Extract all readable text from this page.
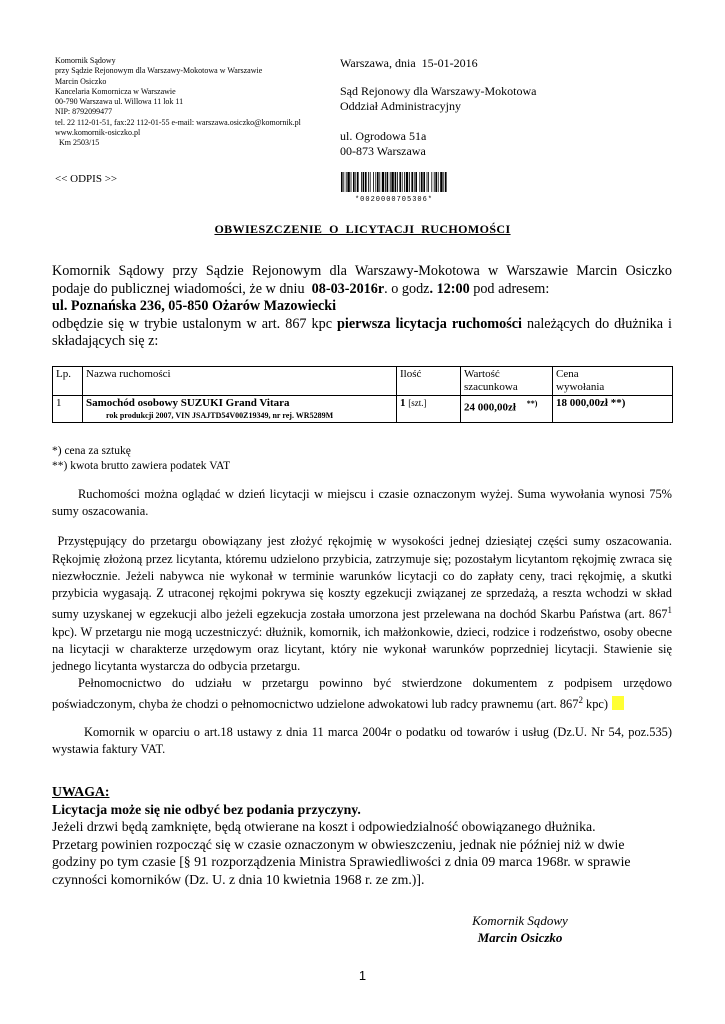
Komornik Sądowy
przy Sądzie Rejonowym dla Warszawy-Mokotowa w Warszawie
Marcin Osiczko
Kancelaria Komornicza w Warszawie
00-790 Warszawa ul. Willowa 11 lok 11
NIP: 8792099477
tel. 22 112-01-51, fax:22 112-01-55 e-mail: warszawa.osiczko@komornik.pl
www.komornik-osiczko.pl
Km 2503/15
Warszawa, dnia  15-01-2016
Sąd Rejonowy dla Warszawy-Mokotowa
Oddział Administracyjny
ul. Ogrodowa 51a
00-873 Warszawa
<< ODPIS >>
*0020000705306*
OBWIESZCZENIE  O  LICYTACJI  RUCHOMOŚCI
Komornik Sądowy przy Sądzie Rejonowym dla Warszawy-Mokotowa w Warszawie Marcin Osiczko
podaje do publicznej wiadomości, że w dniu  08-03-2016r. o godz. 12:00 pod adresem:
ul. Poznańska 236, 05-850 Ożarów Mazowiecki
odbędzie się w trybie ustalonym w art. 867 kpc pierwsza licytacja ruchomości należących do dłużnika i
składających się z:
Lp.	Nazwa ruchomości	Ilość	Wartość
szacunkowa	Cena
wywołania
1	Samochód osobowy SUZUKI Grand Vitara
rok produkcji 2007, VIN JSAJTD54V00Z19349, nr rej. WR5289M	1 [szt.]	24 000,00zł **)	18 000,00zł **)
*) cena za sztukę
**) kwota brutto zawiera podatek VAT

Ruchomości można oglądać w dzień licytacji w miejscu i czasie oznaczonym wyżej. Suma wywołania wynosi 75% sumy oszacowania.

Przystępujący do przetargu obowiązany jest złożyć rękojmię w wysokości jednej dziesiątej części sumy oszacowania. Rękojmię złożoną przez licytanta, któremu udzielono przybicia, zatrzymuje się; pozostałym licytantom rękojmię zwraca się niezwłocznie. Jeżeli nabywca nie wykonał w terminie warunków licytacji co do zapłaty ceny, traci rękojmię, a skutki przybicia wygasają. Z utraconej rękojmi pokrywa się koszty egzekucji związanej ze sprzedażą, a reszta wchodzi w skład sumy uzyskanej w egzekucji albo jeżeli egzekucja została umorzona jest przelewana na dochód Skarbu Państwa (art. $867^1$ kpc). W przetargu nie mogą uczestniczyć: dłużnik, komornik, ich małżonkowie, dzieci, rodzice i rodzeństwo, osoby obecne na licytacji w charakterze urzędowym oraz licytant, który nie wykonał warunków poprzedniej licytacji. Stawienie się jednego licytanta wystarcza do odbycia przetargu.

Pełnomocnictwo do udziału w przetargu powinno być stwierdzone dokumentem z podpisem urzędowo poświadczonym, chyba że chodzi o pełnomocnictwo udzielone adwokatowi lub radcy prawnemu (art. $867^2$ kpc)

Komornik w oparciu o art.18 ustawy z dnia 11 marca 2004r o podatku od towarów i usług (Dz.U. Nr 54, poz.535) wystawia faktury VAT.

UWAGA:
Licytacja może się nie odbyć bez podania przyczyny.
Jeżeli drzwi będą zamknięte, będą otwierane na koszt i odpowiedzialność obowiązanego dłużnika.
Przetarg powinien rozpocząć się w czasie oznaczonym w obwieszczeniu, jednak nie później niż w dwie godziny po tym czasie [§ 91 rozporządzenia Ministra Sprawiedliwości z dnia 09 marca 1968r. w sprawie czynności komorników (Dz. U. z dnia 10 kwietnia 1968 r. ze zm.)].
Komornik Sądowy
Marcin Osiczko
1
